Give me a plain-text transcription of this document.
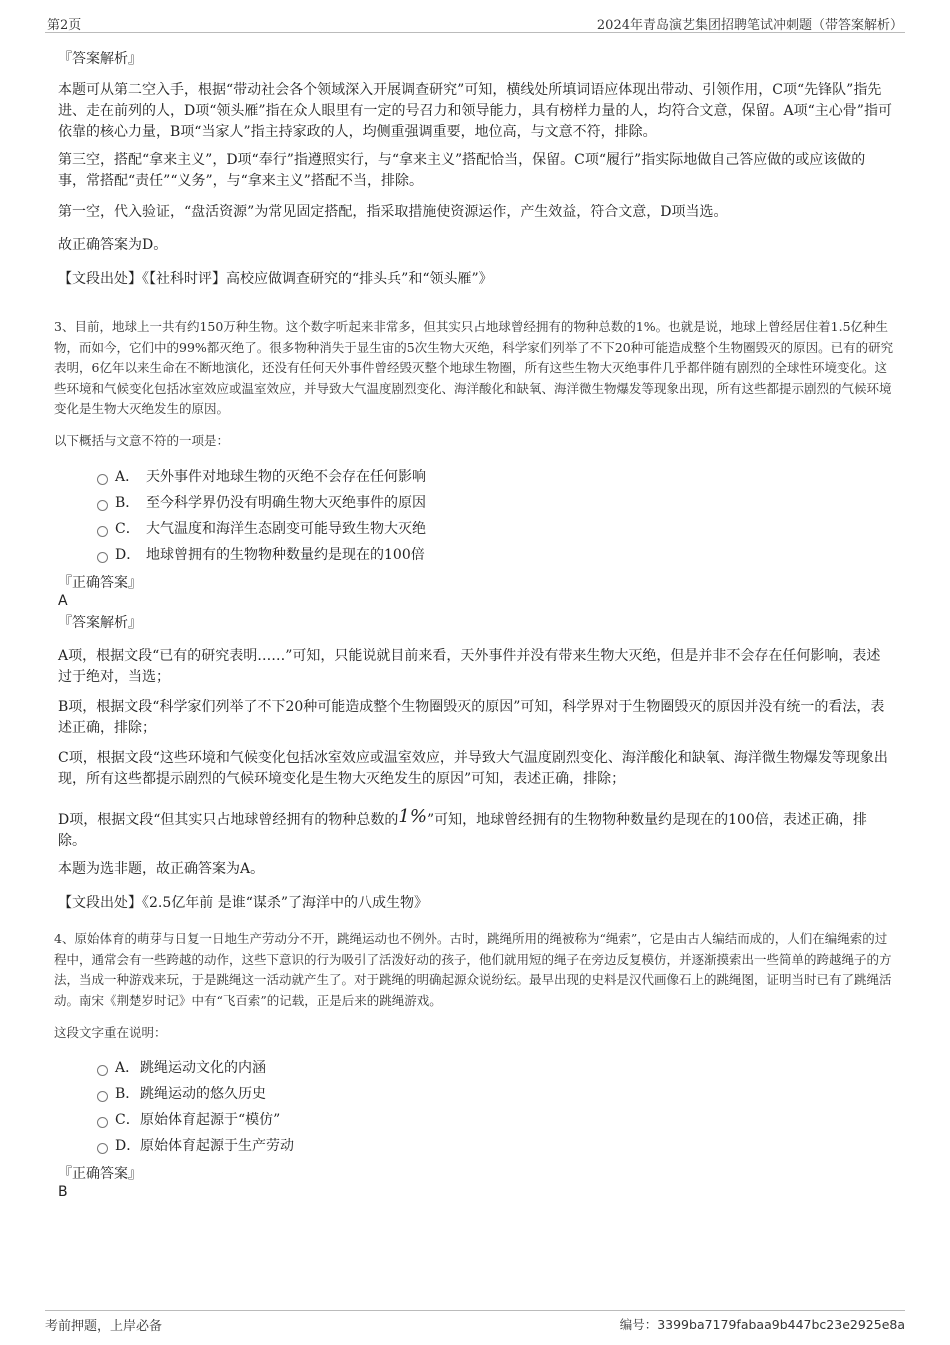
第2页	2024年青岛演艺集团招聘笔试冲刺题（带答案解析）
『答案解析』
本题可从第二空入手，根据“带动社会各个领域深入开展调查研究”可知，横线处所填词语应体现出带动、引领作用，C项“先锋队”指先进、走在前列的人，D项“领头雁”指在众人眼里有一定的号召力和领导能力，具有榜样力量的人，均符合文意，保留。A项“主心骨”指可依靠的核心力量，B项“当家人”指主持家政的人，均侧重强调重要，地位高，与文意不符，排除。
第三空，搭配“拿来主义”，D项“奉行”指遵照实行，与“拿来主义”搭配恰当，保留。C项“履行”指实际地做自己答应做的或应该做的事，常搭配“责任”“义务”，与“拿来主义”搭配不当，排除。
第一空，代入验证，“盘活资源”为常见固定搭配，指采取措施使资源运作，产生效益，符合文意，D项当选。
故正确答案为D。
【文段出处】《【社科时评】高校应做调查研究的“排头兵”和“领头雁”》
3、目前，地球上一共有约150万种生物。这个数字听起来非常多，但其实只占地球曾经拥有的物种总数的1%。也就是说，地球上曾经居住着1.5亿种生物，而如今，它们中的99%都灭绝了。很多物种消失于显生宙的5次生物大灭绝，科学家们列举了不下20种可能造成整个生物圈毁灭的原因。已有的研究表明，6亿年以来生命在不断地演化，还没有任何天外事件曾经毁灭整个地球生物圈，所有这些生物大灭绝事件几乎都伴随有剧烈的全球性环境变化。这些环境和气候变化包括冰室效应或温室效应，并导致大气温度剧烈变化、海洋酸化和缺氧、海洋微生物爆发等现象出现，所有这些都提示剧烈的气候环境变化是生物大灭绝发生的原因。
以下概括与文意不符的一项是：
A． 天外事件对地球生物的灭绝不会存在任何影响
B． 至今科学界仍没有明确生物大灭绝事件的原因
C． 大气温度和海洋生态剧变可能导致生物大灭绝
D． 地球曾拥有的生物物种数量约是现在的100倍
『正确答案』
A
『答案解析』
A项，根据文段“已有的研究表明……”可知，只能说就目前来看，天外事件并没有带来生物大灭绝，但是并非不会存在任何影响，表述过于绝对，当选；
B项，根据文段“科学家们列举了不下20种可能造成整个生物圈毁灭的原因”可知，科学界对于生物圈毁灭的原因并没有统一的看法，表述正确，排除；
C项，根据文段“这些环境和气候变化包括冰室效应或温室效应，并导致大气温度剧烈变化、海洋酸化和缺氧、海洋微生物爆发等现象出现，所有这些都提示剧烈的气候环境变化是生物大灭绝发生的原因”可知，表述正确，排除；
D项，根据文段“但其实只占地球曾经拥有的物种总数的1%”可知，地球曾经拥有的生物物种数量约是现在的100倍，表述正确，排除。
本题为选非题，故正确答案为A。
【文段出处】《2.5亿年前 是谁“谋杀”了海洋中的八成生物》
4、原始体育的萌芽与日复一日地生产劳动分不开，跳绳运动也不例外。古时，跳绳所用的绳被称为“绳索”，它是由古人编结而成的，人们在编绳索的过程中，通常会有一些跨越的动作，这些下意识的行为吸引了活泼好动的孩子，他们就用短的绳子在旁边反复模仿，并逐渐摸索出一些简单的跨越绳子的方法，当成一种游戏来玩，于是跳绳这一活动就产生了。对于跳绳的明确起源众说纷纭。最早出现的史料是汉代画像石上的跳绳图，证明当时已有了跳绳活动。南宋《荆楚岁时记》中有“飞百索”的记载，正是后来的跳绳游戏。
这段文字重在说明：
A． 跳绳运动文化的内涵
B． 跳绳运动的悠久历史
C． 原始体育起源于“模仿”
D． 原始体育起源于生产劳动
『正确答案』
B
考前押题，上岸必备	编号：3399ba7179fabaa9b447bc23e2925e8a
